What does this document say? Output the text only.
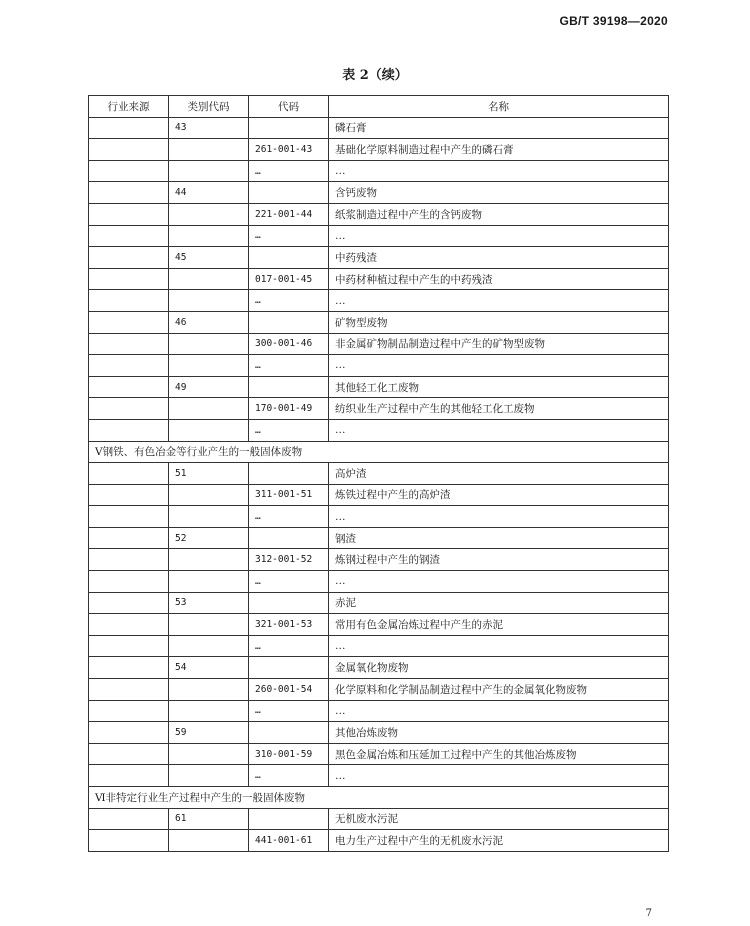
GB/T 39198—2020
表 2（续）
行业来源	类别代码	代码	名称
	43		磷石膏
		261-001-43	基础化学原料制造过程中产生的磷石膏
		…	…
	44		含钙废物
		221-001-44	纸浆制造过程中产生的含钙废物
		…	…
	45		中药残渣
		017-001-45	中药材种植过程中产生的中药残渣
		…	…
	46		矿物型废物
		300-001-46	非金属矿物制品制造过程中产生的矿物型废物
		…	…
	49		其他轻工化工废物
		170-001-49	纺织业生产过程中产生的其他轻工化工废物
		…	…
Ⅴ钢铁、有色冶金等行业产生的一般固体废物			
	51		高炉渣
		311-001-51	炼铁过程中产生的高炉渣
		…	…
	52		钢渣
		312-001-52	炼钢过程中产生的钢渣
		…	…
	53		赤泥
		321-001-53	常用有色金属冶炼过程中产生的赤泥
		…	…
	54		金属氧化物废物
		260-001-54	化学原料和化学制品制造过程中产生的金属氧化物废物
		…	…
	59		其他冶炼废物
		310-001-59	黑色金属冶炼和压延加工过程中产生的其他冶炼废物
		…	…
Ⅵ非特定行业生产过程中产生的一般固体废物			
	61		无机废水污泥
		441-001-61	电力生产过程中产生的无机废水污泥
7
